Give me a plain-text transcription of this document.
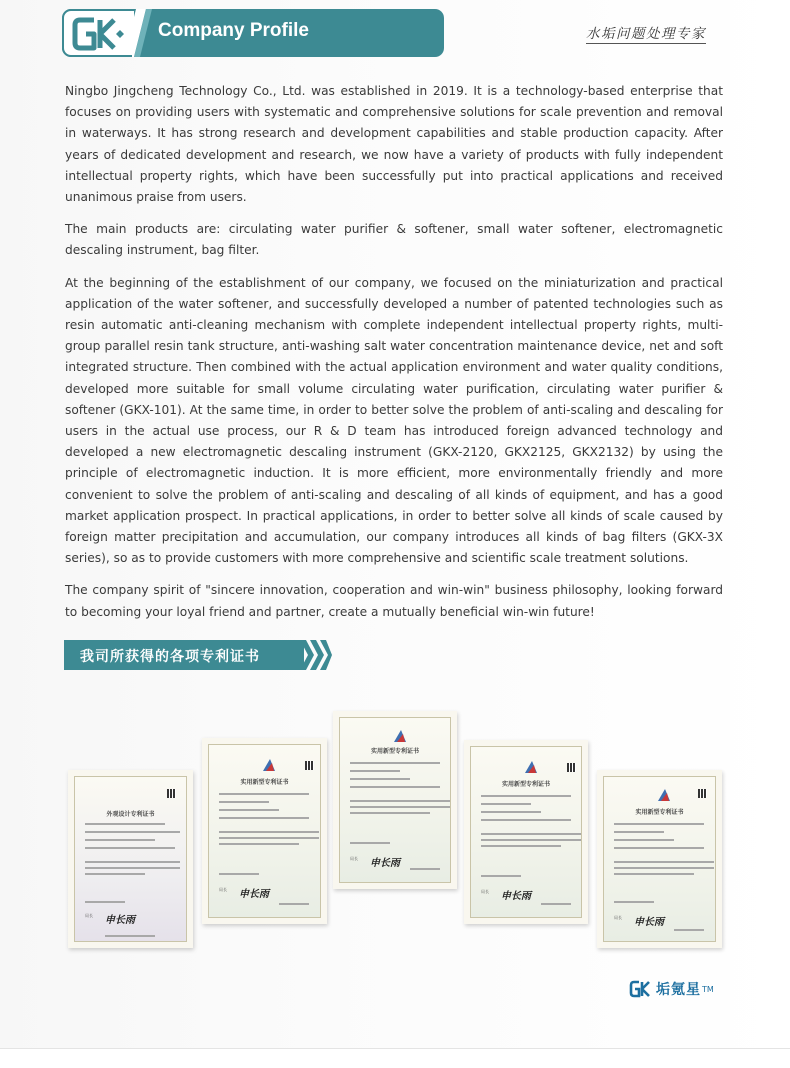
Company Profile	水垢问题处理专家

Ningbo Jingcheng Technology Co., Ltd. was established in 2019. It is a technology-based enterprise that focuses on providing users with systematic and comprehensive solutions for scale prevention and removal in waterways. It has strong research and development capabilities and stable production capacity. After years of dedicated development and research, we now have a variety of products with fully independent intellectual property rights, which have been successfully put into practical applications and received unanimous praise from users.

The main products are: circulating water purifier & softener, small water softener, electromagnetic descaling instrument, bag filter.

At the beginning of the establishment of our company, we focused on the miniaturization and practical application of the water softener, and successfully developed a number of patented technologies such as resin automatic anti-cleaning mechanism with complete independent intellectual property rights, multi-group parallel resin tank structure, anti-washing salt water concentration maintenance device, net and soft integrated structure. Then combined with the actual application environment and water quality conditions, developed more suitable for small volume circulating water purification, circulating water purifier & softener (GKX-101). At the same time, in order to better solve the problem of anti-scaling and descaling for users in the actual use process, our R & D team has introduced foreign advanced technology and developed a new electromagnetic descaling instrument (GKX-2120, GKX2125, GKX2132) by using the principle of electromagnetic induction. It is more efficient, more environmentally friendly and more convenient to solve the problem of anti-scaling and descaling of all kinds of equipment, and has a good market application prospect. In practical applications, in order to better solve all kinds of scale caused by foreign matter precipitation and accumulation, our company introduces all kinds of bag filters (GKX-3X series), so as to provide customers with more comprehensive and scientific scale treatment solutions.

The company spirit of "sincere innovation, cooperation and win-win" business philosophy, looking forward to becoming your loyal friend and partner, create a mutually beneficial win-win future!

我司所获得的各项专利证书
外观设计专利证书
局长 申长雨
实用新型专利证书
局长 申长雨
实用新型专利证书
局长 申长雨
实用新型专利证书
局长 申长雨
实用新型专利证书
局长 申长雨
垢氪星 TM
